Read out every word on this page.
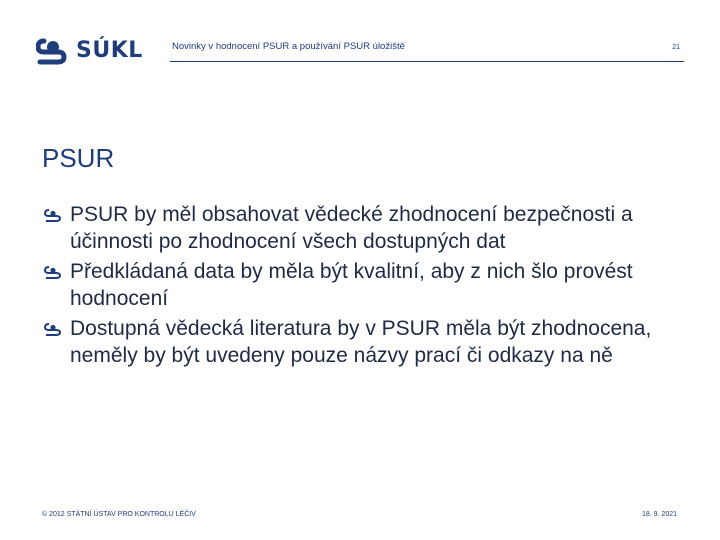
SÚKL	Novinky v hodnocení PSUR a používání PSUR úložiště	21
PSUR
PSUR by měl obsahovat vědecké zhodnocení bezpečnosti a účinnosti po zhodnocení všech dostupných dat
Předkládaná data by měla být kvalitní, aby z nich šlo provést hodnocení
Dostupná vědecká literatura by v PSUR měla být zhodnocena, neměly by být uvedeny pouze názvy prací či odkazy na ně
© 2012 STÁTNÍ ÚSTAV PRO KONTROLU LÉČIV	18. 9. 2021
